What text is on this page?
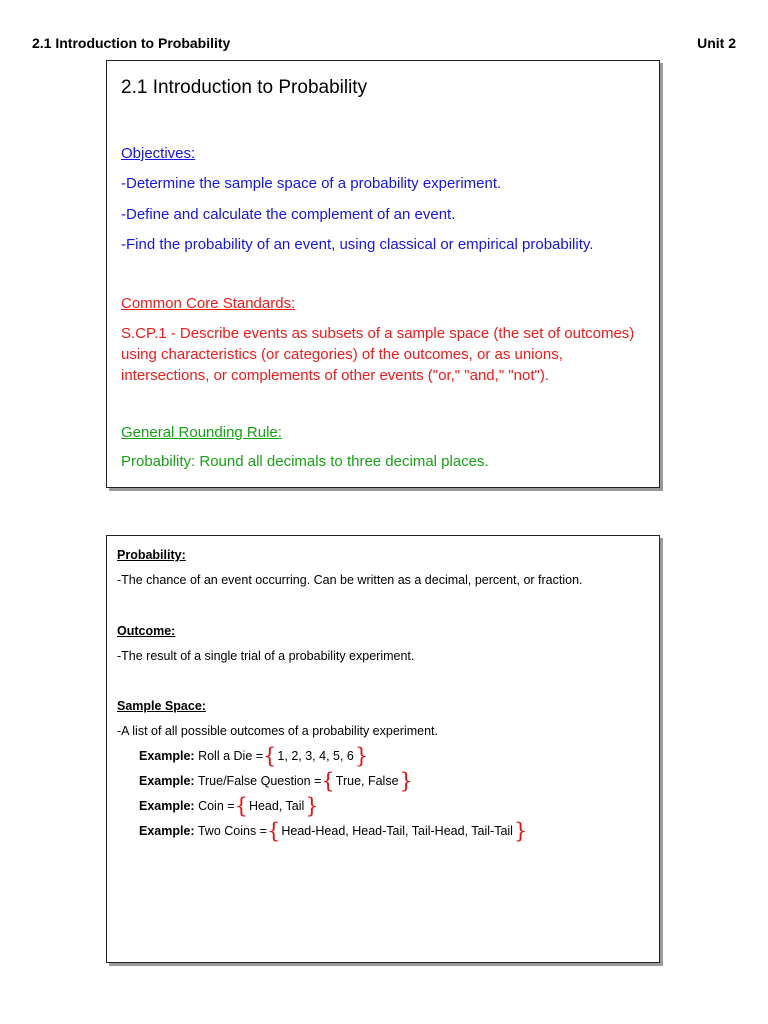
2.1 Introduction to Probability	Unit 2
2.1 Introduction to Probability
Objectives:
-Determine the sample space of a probability experiment.
-Define and calculate the complement of an event.
-Find the probability of an event, using classical or empirical probability.
Common Core Standards:
S.CP.1 - Describe events as subsets of a sample space (the set of outcomes) using characteristics (or categories) of the outcomes, or as unions, intersections, or complements of other events ("or," "and," "not").
General Rounding Rule:
Probability: Round all decimals to three decimal places.
Probability:
-The chance of an event occurring. Can be written as a decimal, percent, or fraction.
Outcome:
-The result of a single trial of a probability experiment.
Sample Space:
-A list of all possible outcomes of a probability experiment.
Example: Roll a Die ={1, 2, 3, 4, 5, 6}
Example: True/False Question ={True, False}
Example: Coin ={Head, Tail}
Example: Two Coins ={Head-Head, Head-Tail, Tail-Head, Tail-Tail}
